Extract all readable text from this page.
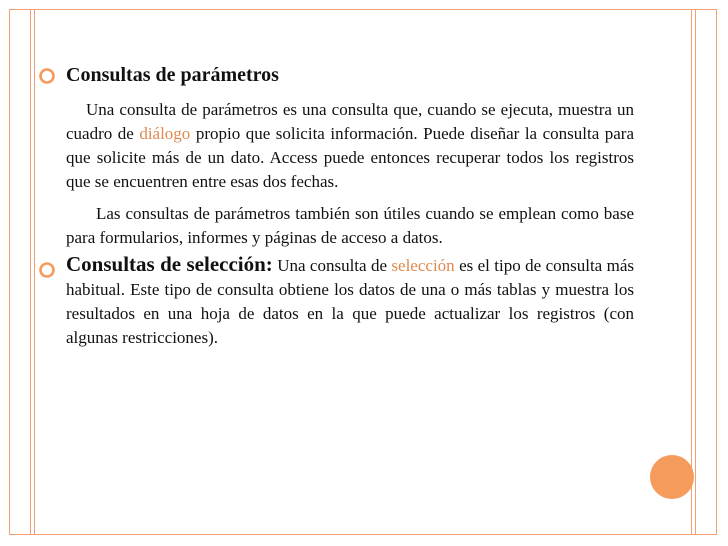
Consultas de parámetros

Una consulta de parámetros es una consulta que, cuando se ejecuta, muestra un cuadro de diálogo propio que solicita información. Puede diseñar la consulta para que solicite más de un dato. Access puede entonces recuperar todos los registros que se encuentren entre esas dos fechas.

Las consultas de parámetros también son útiles cuando se emplean como base para formularios, informes y páginas de acceso a datos.

Consultas de selección: Una consulta de selección es el tipo de consulta más habitual. Este tipo de consulta obtiene los datos de una o más tablas y muestra los resultados en una hoja de datos en la que puede actualizar los registros (con algunas restricciones).
